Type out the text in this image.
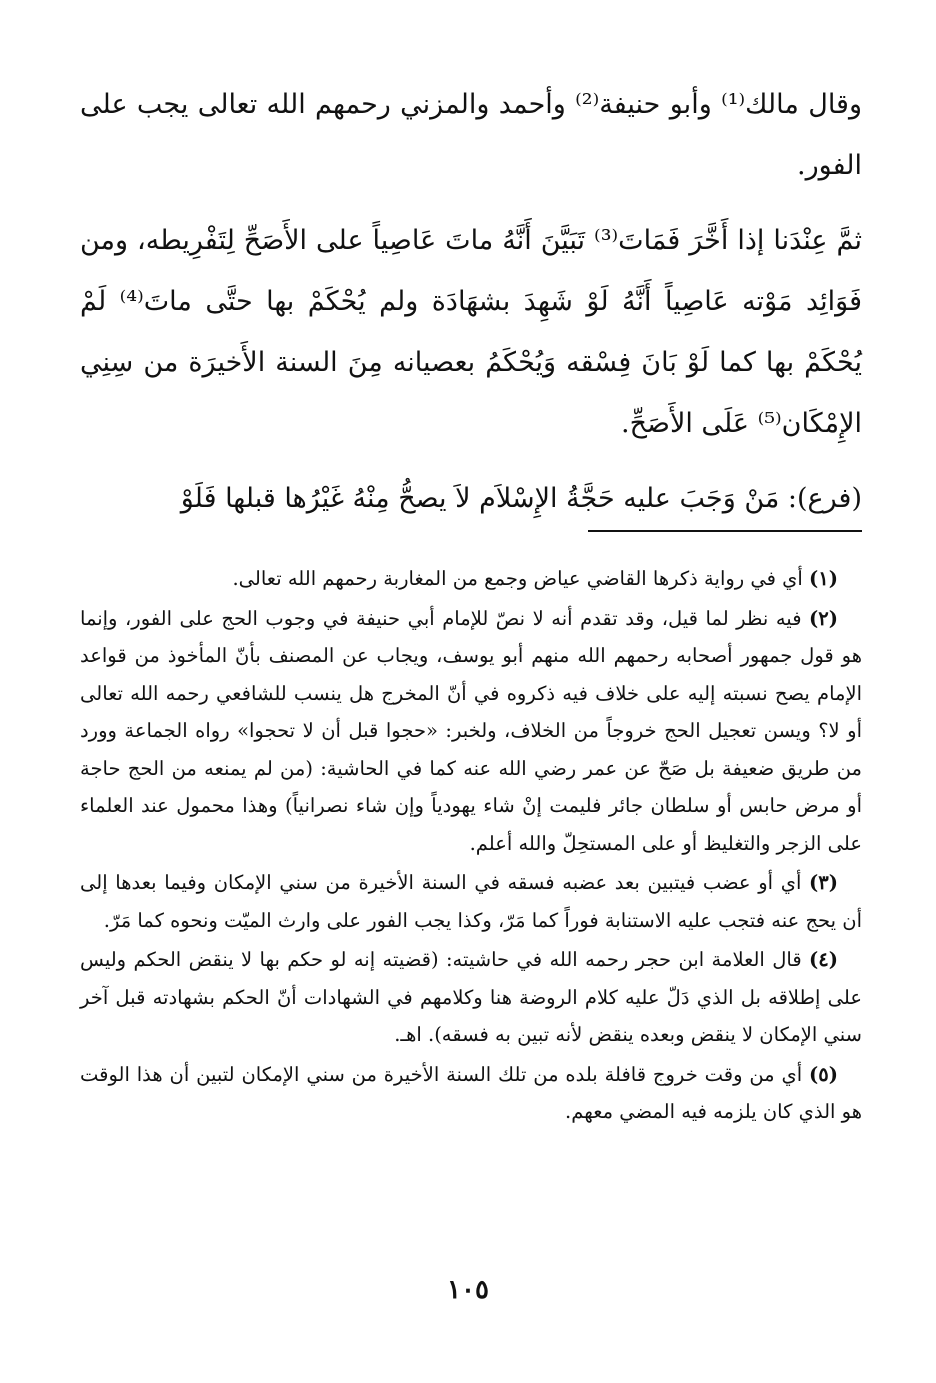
وقال مالك⁽¹⁾ وأبو حنيفة⁽²⁾ وأحمد والمزني رحمهم الله تعالى يجب على الفور.

ثمَّ عِنْدَنا إذا أَخَّرَ فَمَاتَ⁽³⁾ تَبَيَّنَ أَنَّهُ ماتَ عَاصِياً على الأَصَحِّ لِتَفْرِيطه، ومن فَوَائِد مَوْته عَاصِياً أَنَّهُ لَوْ شَهِدَ بشهَادَة ولم يُحْكَمْ بها حتَّى ماتَ⁽⁴⁾ لَمْ يُحْكَمْ بها كما لَوْ بَانَ فِسْقه وَيُحْكَمُ بعصيانه مِنَ السنة الأَخيرَة من سِنِي الإِمْكَان⁽⁵⁾ عَلَى الأَصَحِّ.

(فرع): مَنْ وَجَبَ عليه حَجَّةُ الإِسْلاَم لاَ يصحُّ مِنْهُ غَيْرُها قبلها فَلَوْ

(١) أي في رواية ذكرها القاضي عياض وجمع من المغاربة رحمهم الله تعالى.

(٢) فيه نظر لما قيل، وقد تقدم أنه لا نصّ للإمام أبي حنيفة في وجوب الحج على الفور، وإنما هو قول جمهور أصحابه رحمهم الله منهم أبو يوسف، ويجاب عن المصنف بأنّ المأخوذ من قواعد الإمام يصح نسبته إليه على خلاف فيه ذكروه في أنّ المخرج هل ينسب للشافعي رحمه الله تعالى أو لا؟ ويسن تعجيل الحج خروجاً من الخلاف، ولخبر: «حجوا قبل أن لا تحجوا» رواه الجماعة وورد من طريق ضعيفة بل صَحّ عن عمر رضي الله عنه كما في الحاشية: (من لم يمنعه من الحج حاجة أو مرض حابس أو سلطان جائر فليمت إنْ شاء يهودياً وإن شاء نصرانياً) وهذا محمول عند العلماء على الزجر والتغليظ أو على المستحِلّ والله أعلم.

(٣) أي أو عضب فيتبين بعد عضبه فسقه في السنة الأخيرة من سني الإمكان وفيما بعدها إلى أن يحج عنه فتجب عليه الاستنابة فوراً كما مَرّ، وكذا يجب الفور على وارث الميّت ونحوه كما مَرّ.

(٤) قال العلامة ابن حجر رحمه الله في حاشيته: (قضيته إنه لو حكم بها لا ينقض الحكم وليس على إطلاقه بل الذي دَلّ عليه كلام الروضة هنا وكلامهم في الشهادات أنّ الحكم بشهادته قبل آخر سني الإمكان لا ينقض وبعده ينقض لأنه تبين به فسقه). اهـ.

(٥) أي من وقت خروج قافلة بلده من تلك السنة الأخيرة من سني الإمكان لتبين أن هذا الوقت هو الذي كان يلزمه فيه المضي معهم.

١٠٥
